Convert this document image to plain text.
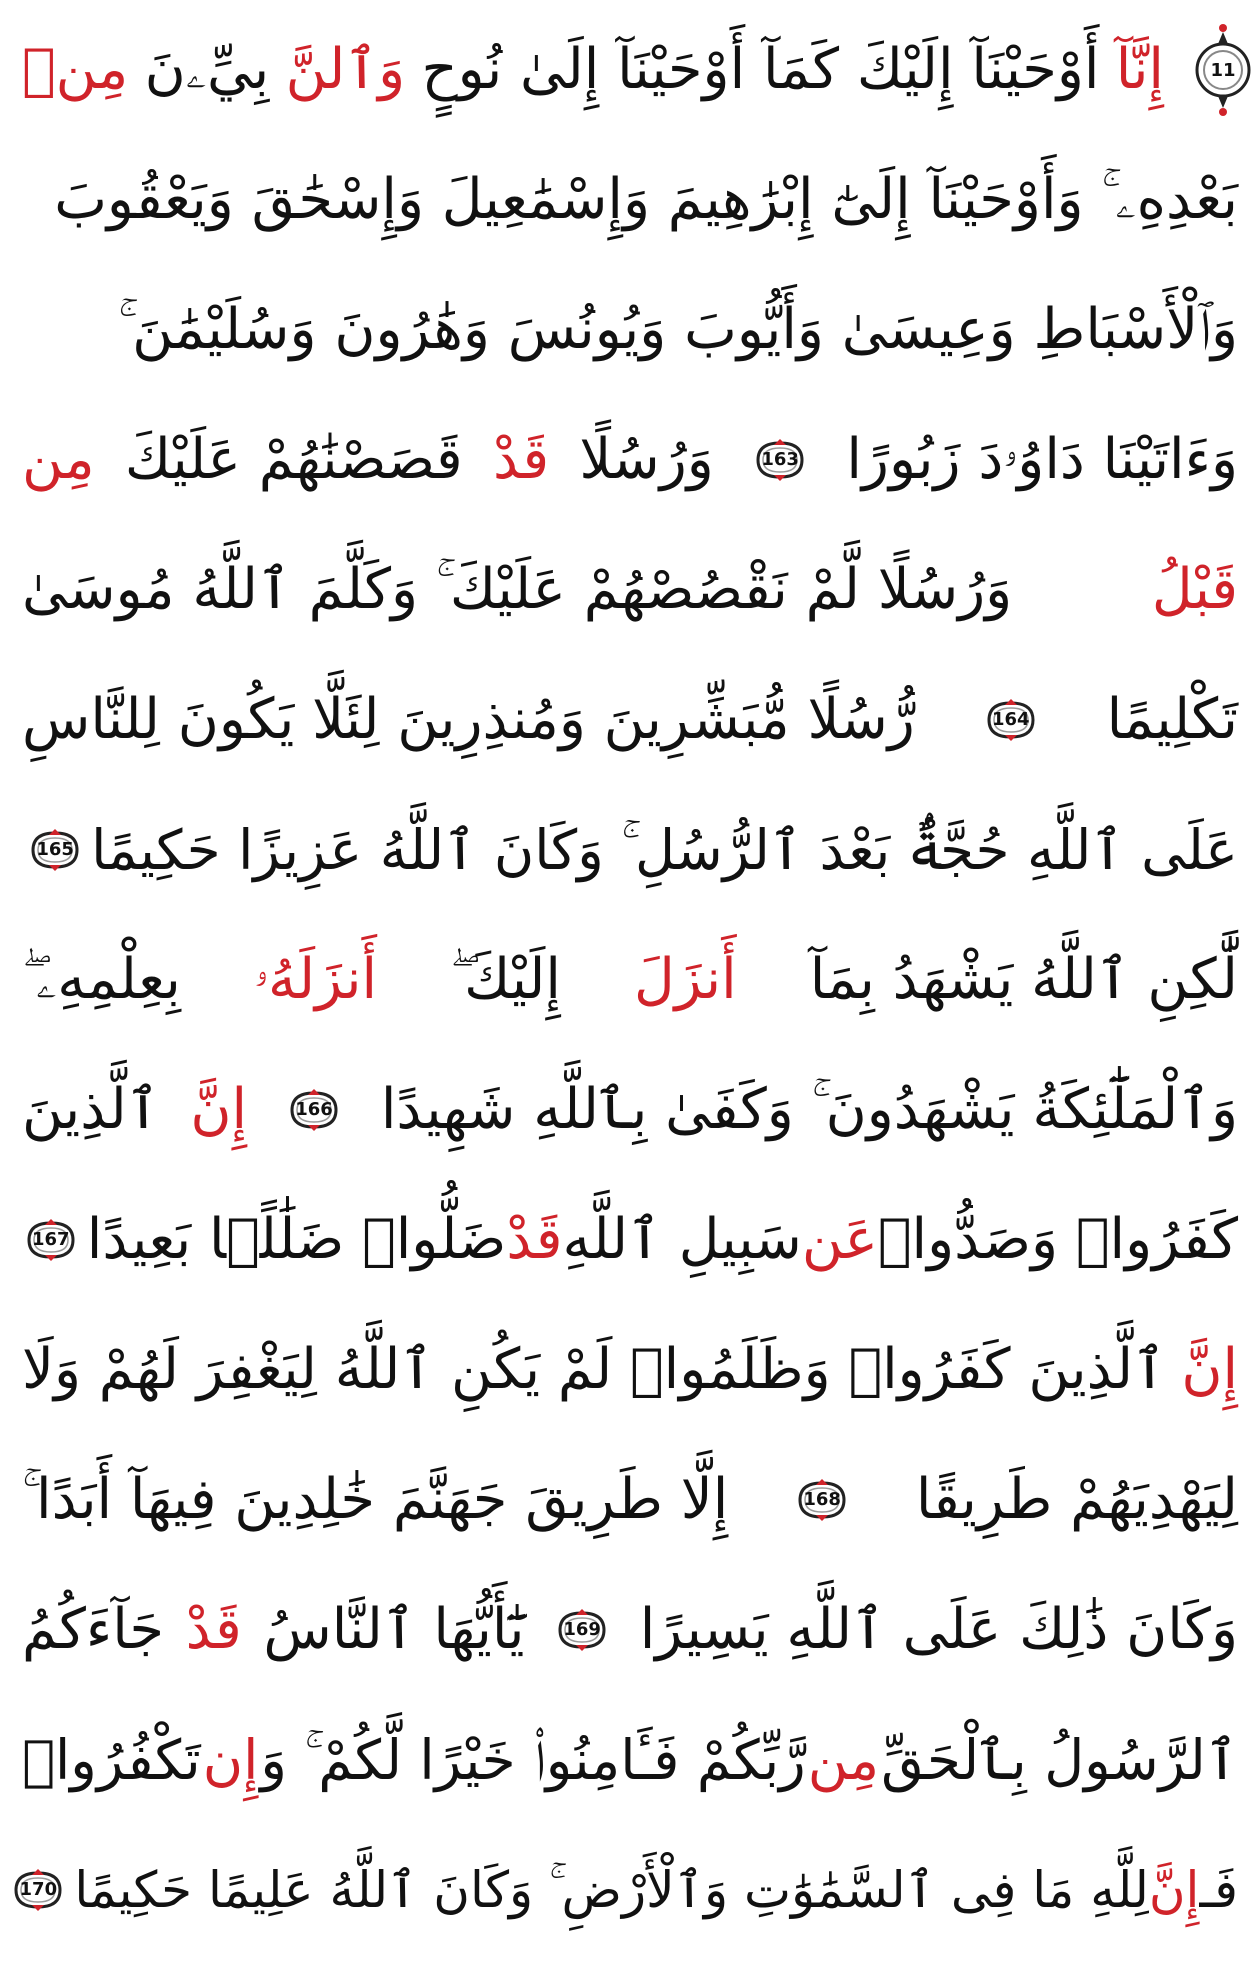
إِنَّآ
أَوْحَيْنَآ إِلَيْكَ كَمَآ أَوْحَيْنَآ إِلَىٰ نُوحٍ
وَٱلنَّ
بِيِّۦنَ
مِنۢ
بَعْدِهِۦ ۚ وَأَوْحَيْنَآ إِلَىٰٓ إِبْرَٰهِيمَ وَإِسْمَٰعِيلَ وَإِسْحَٰقَ وَيَعْقُوبَ
وَٱلْأَسْبَاطِ وَعِيسَىٰ وَأَيُّوبَ وَيُونُسَ وَهَٰرُونَ وَسُلَيْمَٰنَ ۚ
وَءَاتَيْنَا دَاوُۥدَ زَبُورًا
163
وَرُسُلًا
قَدْ
قَصَصْنَٰهُمْ عَلَيْكَ
مِن
قَبْلُ
وَرُسُلًا لَّمْ نَقْصُصْهُمْ عَلَيْكَ ۚ وَكَلَّمَ ٱللَّهُ مُوسَىٰ
تَكْلِيمًا
164
رُّسُلًا مُّبَشِّرِينَ وَمُنذِرِينَ لِئَلَّا يَكُونَ لِلنَّاسِ
عَلَى ٱللَّهِ حُجَّةٌۢ بَعْدَ ٱلرُّسُلِ ۚ وَكَانَ ٱللَّهُ عَزِيزًا حَكِيمًا
165
لَّٰكِنِ ٱللَّهُ يَشْهَدُ بِمَآ
أَنزَلَ
إِلَيْكَ ۖ
أَنزَلَهُۥ
بِعِلْمِهِۦ ۖ
وَٱلْمَلَٰٓئِكَةُ يَشْهَدُونَ ۚ وَكَفَىٰ بِٱللَّهِ شَهِيدًا
166
إِنَّ
ٱلَّذِينَ
كَفَرُوا۟ وَصَدُّوا۟
عَن
سَبِيلِ ٱللَّهِ
قَدْ
ضَلُّوا۟ ضَلَٰلًۢا بَعِيدًا
167
إِنَّ
ٱلَّذِينَ كَفَرُوا۟ وَظَلَمُوا۟ لَمْ يَكُنِ ٱللَّهُ لِيَغْفِرَ لَهُمْ وَلَا
لِيَهْدِيَهُمْ طَرِيقًا
168
إِلَّا طَرِيقَ جَهَنَّمَ خَٰلِدِينَ فِيهَآ أَبَدًا ۚ
وَكَانَ ذَٰلِكَ عَلَى ٱللَّهِ يَسِيرًا
169
يَٰٓأَيُّهَا ٱلنَّاسُ
قَدْ
جَآءَكُمُ
ٱلرَّسُولُ بِٱلْحَقِّ
مِن
رَّبِّكُمْ فَـَٔامِنُوا۟ خَيْرًا لَّكُمْ ۚ وَ
إِن
تَكْفُرُوا۟
فَـ
إِنَّ
لِلَّهِ مَا فِى ٱلسَّمَٰوَٰتِ وَٱلْأَرْضِ ۚ وَكَانَ ٱللَّهُ عَلِيمًا حَكِيمًا
170
11
